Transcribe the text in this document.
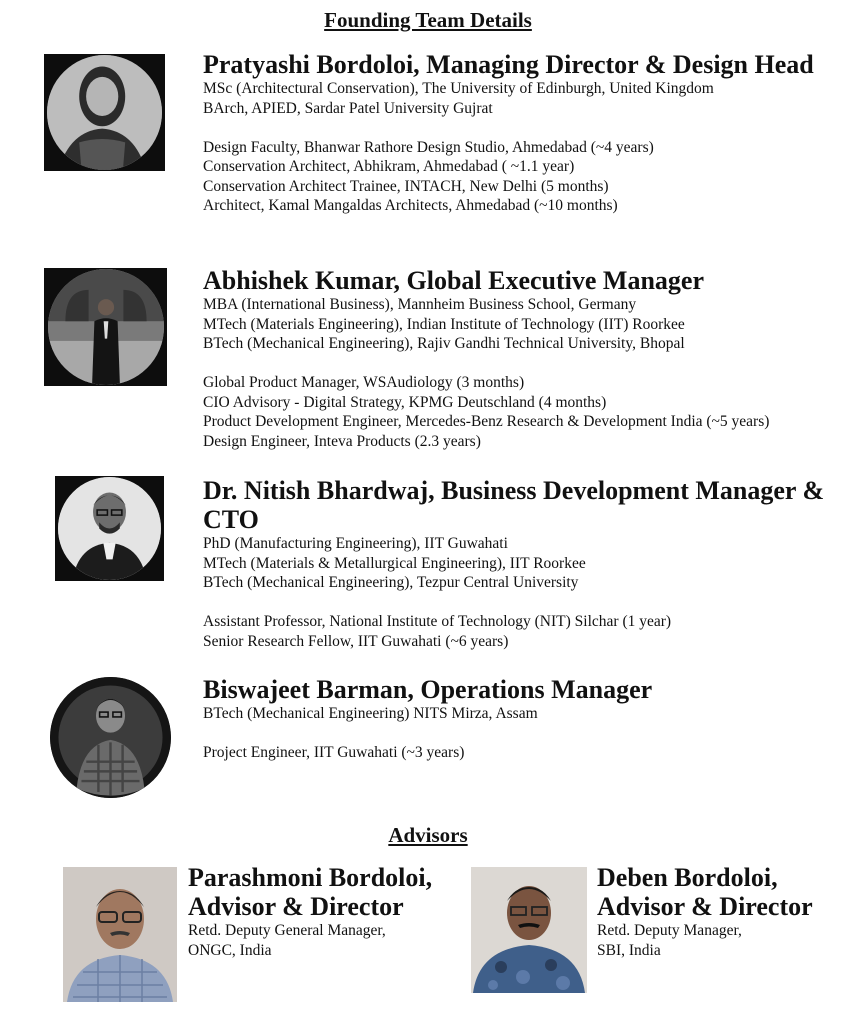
Founding Team Details

Pratyashi Bordoloi, Managing Director & Design Head

MSc (Architectural Conservation), The University of Edinburgh, United Kingdom

BArch, APIED, Sardar Patel University Gujrat

Design Faculty, Bhanwar Rathore Design Studio, Ahmedabad (~4 years)

Conservation Architect, Abhikram, Ahmedabad ( ~1.1 year)

Conservation Architect Trainee, INTACH, New Delhi (5 months)

Architect, Kamal Mangaldas Architects, Ahmedabad (~10 months)

Abhishek Kumar, Global Executive Manager

MBA (International Business), Mannheim Business School, Germany

MTech (Materials Engineering), Indian Institute of Technology (IIT) Roorkee

BTech (Mechanical Engineering), Rajiv Gandhi Technical University, Bhopal

Global Product Manager, WSAudiology (3 months)

CIO Advisory - Digital Strategy, KPMG Deutschland (4 months)

Product Development Engineer, Mercedes-Benz Research & Development India (~5 years)

Design Engineer, Inteva Products (2.3 years)

Dr. Nitish Bhardwaj, Business Development Manager & CTO

PhD (Manufacturing Engineering), IIT Guwahati

MTech (Materials & Metallurgical Engineering), IIT Roorkee

BTech (Mechanical Engineering), Tezpur Central University

Assistant Professor, National Institute of Technology (NIT) Silchar (1 year)

Senior Research Fellow, IIT Guwahati (~6 years)

Biswajeet Barman, Operations Manager

BTech (Mechanical Engineering) NITS Mirza, Assam

Project Engineer, IIT Guwahati (~3 years)

Advisors

Parashmoni Bordoloi,

Advisor & Director

Retd. Deputy General Manager,

ONGC, India

Deben Bordoloi,

Advisor & Director

Retd. Deputy Manager,

SBI, India
